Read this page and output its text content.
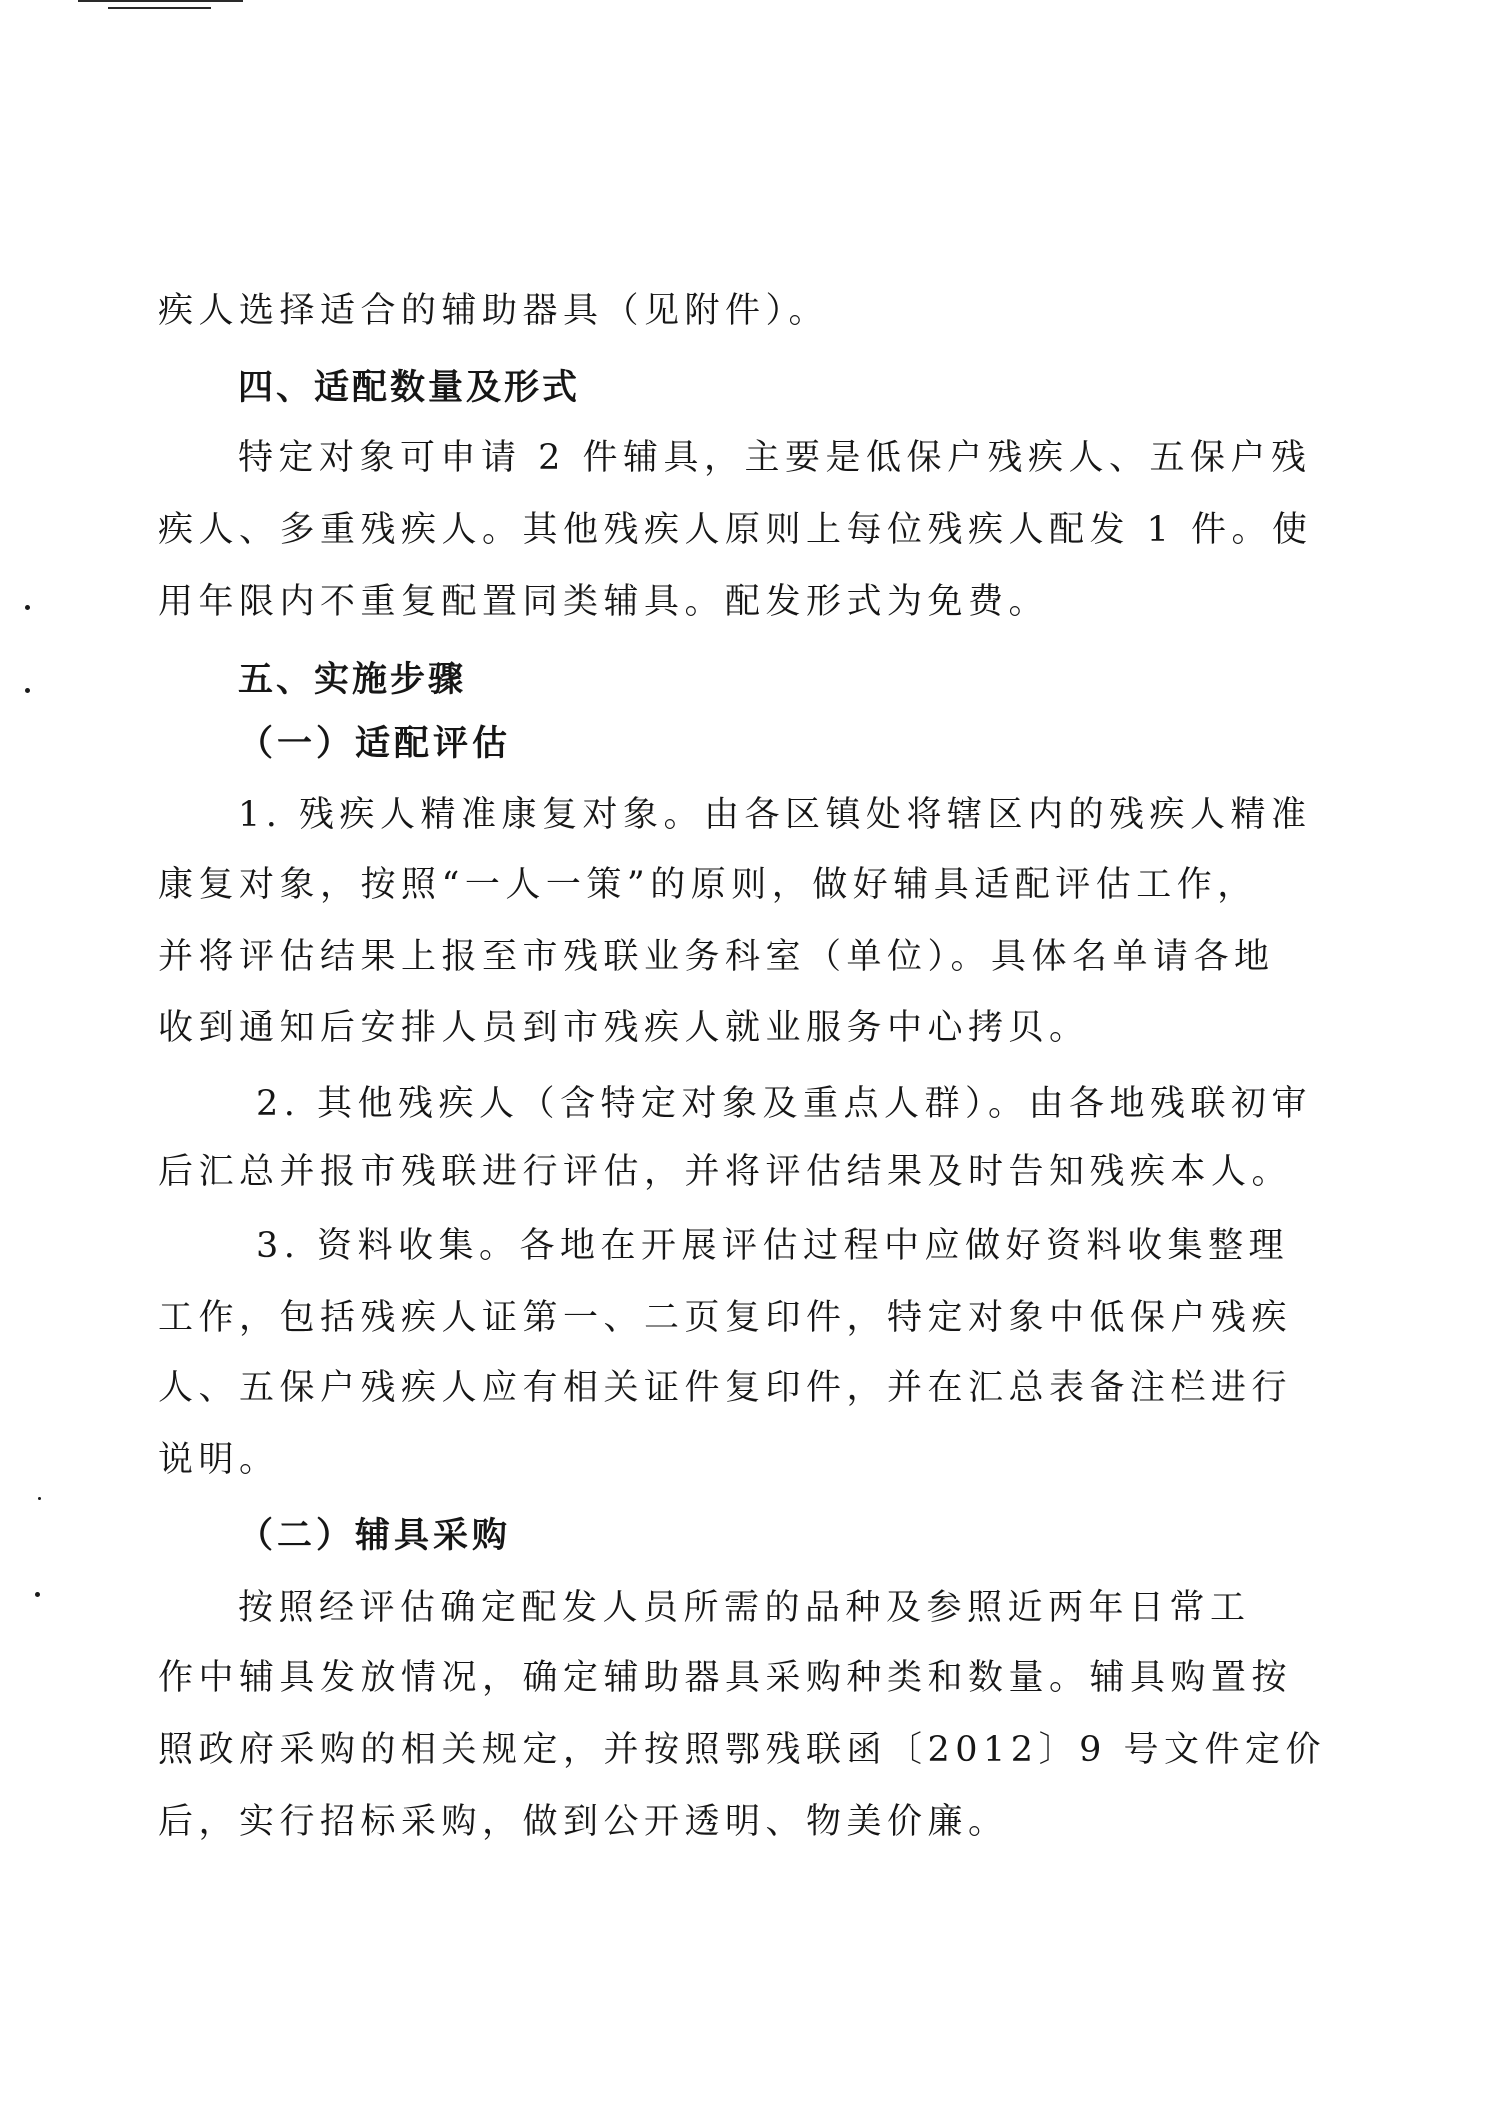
疾人选择适合的辅助器具（见附件）。
四、适配数量及形式
特定对象可申请 2 件辅具，主要是低保户残疾人、五保户残
疾人、多重残疾人。其他残疾人原则上每位残疾人配发 1 件。使
用年限内不重复配置同类辅具。配发形式为免费。
五、实施步骤
（一）适配评估
1. 残疾人精准康复对象。由各区镇处将辖区内的残疾人精准
康复对象，按照“一人一策”的原则，做好辅具适配评估工作，
并将评估结果上报至市残联业务科室（单位）。具体名单请各地
收到通知后安排人员到市残疾人就业服务中心拷贝。
2. 其他残疾人（含特定对象及重点人群）。由各地残联初审
后汇总并报市残联进行评估，并将评估结果及时告知残疾本人。
3. 资料收集。各地在开展评估过程中应做好资料收集整理
工作，包括残疾人证第一、二页复印件，特定对象中低保户残疾
人、五保户残疾人应有相关证件复印件，并在汇总表备注栏进行
说明。
（二）辅具采购
按照经评估确定配发人员所需的品种及参照近两年日常工
作中辅具发放情况，确定辅助器具采购种类和数量。辅具购置按
照政府采购的相关规定，并按照鄂残联函〔2012〕9 号文件定价
后，实行招标采购，做到公开透明、物美价廉。
